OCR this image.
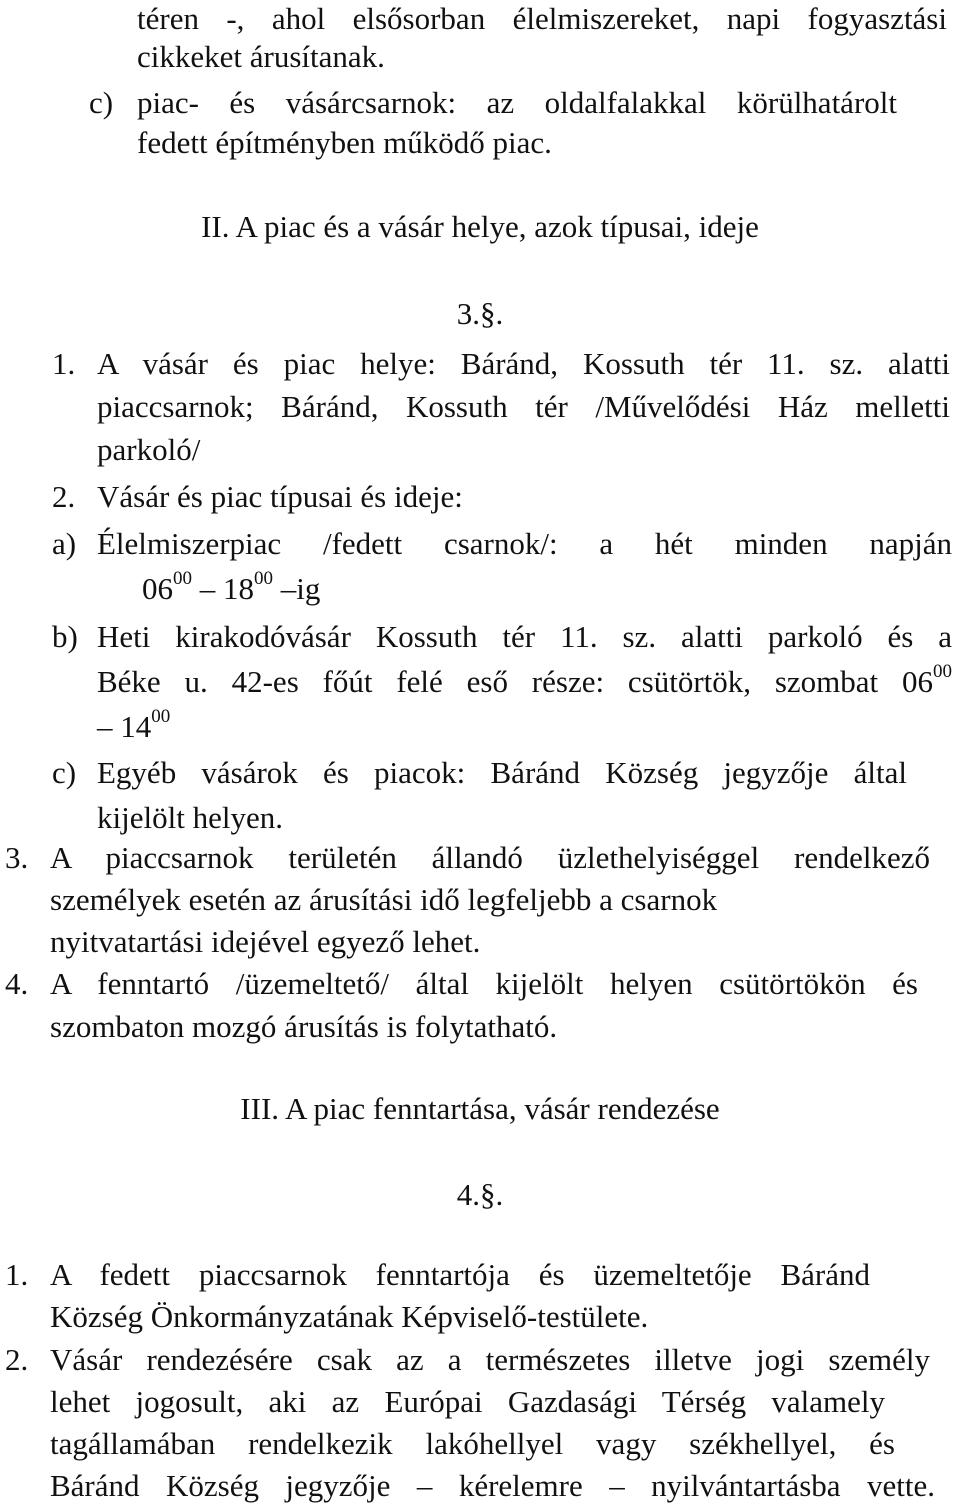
téren -, ahol elsősorban élelmiszereket, napi fogyasztási
cikkeket árusítanak.
c) piac- és vásárcsarnok: az oldalfalakkal körülhatárolt
fedett építményben működő piac.
II. A piac és a vásár helye, azok típusai, ideje
3.§.
1. A vásár és piac helye: Báránd, Kossuth tér 11. sz. alatti
piaccsarnok; Báránd, Kossuth tér /Művelődési Ház melletti
parkoló/
2. Vásár és piac típusai és ideje:
a) Élelmiszerpiac /fedett csarnok/: a hét minden napján
$06^{00} - 18^{00}$ –ig
b) Heti kirakodóvásár Kossuth tér 11. sz. alatti parkoló és a
Béke u. 42-es főút felé eső része: csütörtök, szombat $06^{00}$
– $14^{00}$
c) Egyéb vásárok és piacok: Báránd Község jegyzője által
kijelölt helyen.
3. A piaccsarnok területén állandó üzlethelyiséggel rendelkező
személyek esetén az árusítási idő legfeljebb a csarnok
nyitvatartási idejével egyező lehet.
4. A fenntartó /üzemeltető/ által kijelölt helyen csütörtökön és
szombaton mozgó árusítás is folytatható.
III. A piac fenntartása, vásár rendezése
4.§.
1. A fedett piaccsarnok fenntartója és üzemeltetője Báránd
Község Önkormányzatának Képviselő-testülete.
2. Vásár rendezésére csak az a természetes illetve jogi személy
lehet jogosult, aki az Európai Gazdasági Térség valamely
tagállamában rendelkezik lakóhellyel vagy székhellyel, és
Báránd Község jegyzője – kérelemre – nyilvántartásba vette.
